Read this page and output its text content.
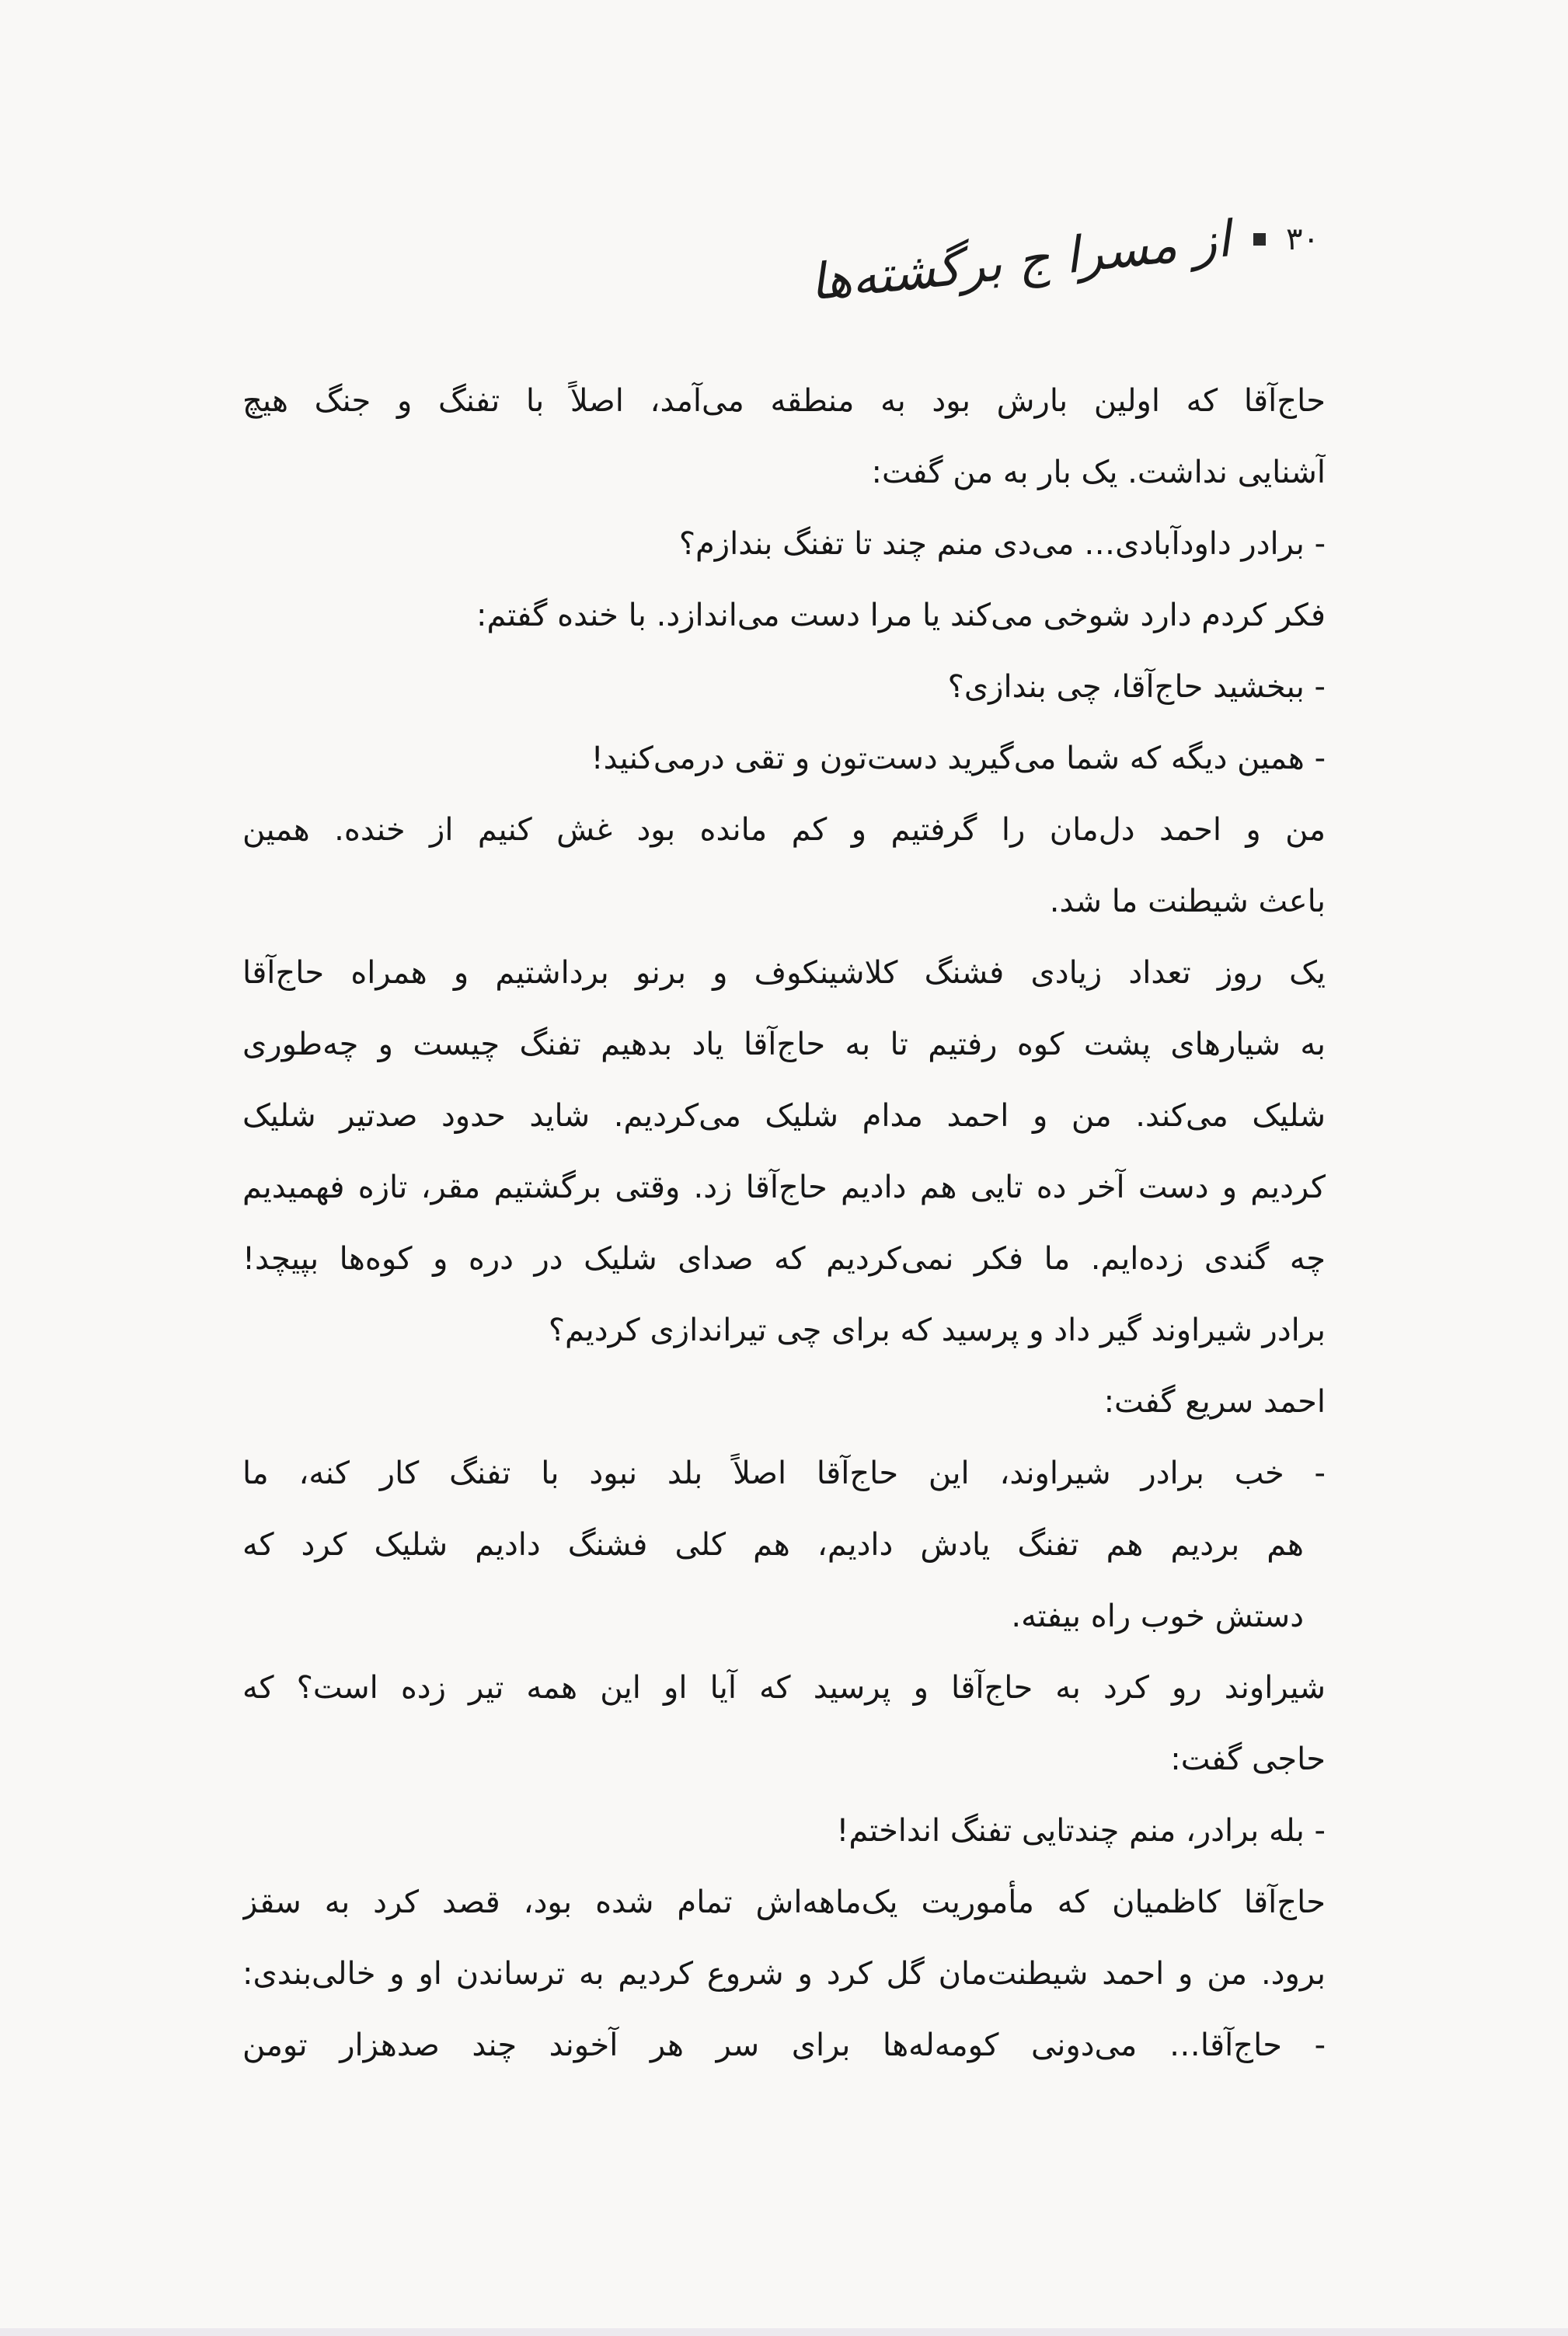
۳۰
از مسرا ج برگشته‌ها
حاج‌آقا که اولین بارش بود به منطقه می‌آمد، اصلاً با تفنگ و جنگ هیچ
آشنایی نداشت. یک بار به من گفت:
- برادر داودآبادی… می‌دی منم چند تا تفنگ بندازم؟
فکر کردم دارد شوخی می‌کند یا مرا دست می‌اندازد. با خنده گفتم:
- ببخشید حاج‌آقا، چی بندازی؟
- همین دیگه که شما می‌گیرید دست‌تون و تقی درمی‌کنید!
من و احمد دل‌مان را گرفتیم و کم مانده بود غش کنیم از خنده. همین
باعث شیطنت ما شد.
یک روز تعداد زیادی فشنگ کلاشینکوف و برنو برداشتیم و همراه حاج‌آقا
به شیارهای پشت کوه رفتیم تا به حاج‌آقا یاد بدهیم تفنگ چیست و چه‌طوری
شلیک می‌کند. من و احمد مدام شلیک می‌کردیم. شاید حدود صدتیر شلیک
کردیم و دست آخر ده تایی هم دادیم حاج‌آقا زد. وقتی برگشتیم مقر، تازه فهمیدیم
چه گندی زده‌ایم. ما فکر نمی‌کردیم که صدای شلیک در دره و کوه‌ها بپیچد!
برادر شیراوند گیر داد و پرسید که برای چی تیراندازی کردیم؟
احمد سریع گفت:
- خب برادر شیراوند، این حاج‌آقا اصلاً بلد نبود با تفنگ کار کنه، ما
هم بردیم هم تفنگ یادش دادیم، هم کلی فشنگ دادیم شلیک کرد که
دستش خوب راه بیفته.
شیراوند رو کرد به حاج‌آقا و پرسید که آیا او این همه تیر زده است؟ که
حاجی گفت:
- بله برادر، منم چندتایی تفنگ انداختم!
حاج‌آقا کاظمیان که مأموریت یک‌ماهه‌اش تمام شده بود، قصد کرد به سقز
برود. من و احمد شیطنت‌مان گل کرد و شروع کردیم به ترساندن او و خالی‌بندی:
- حاج‌آقا… می‌دونی کومه‌له‌ها برای سر هر آخوند چند صدهزار تومن
